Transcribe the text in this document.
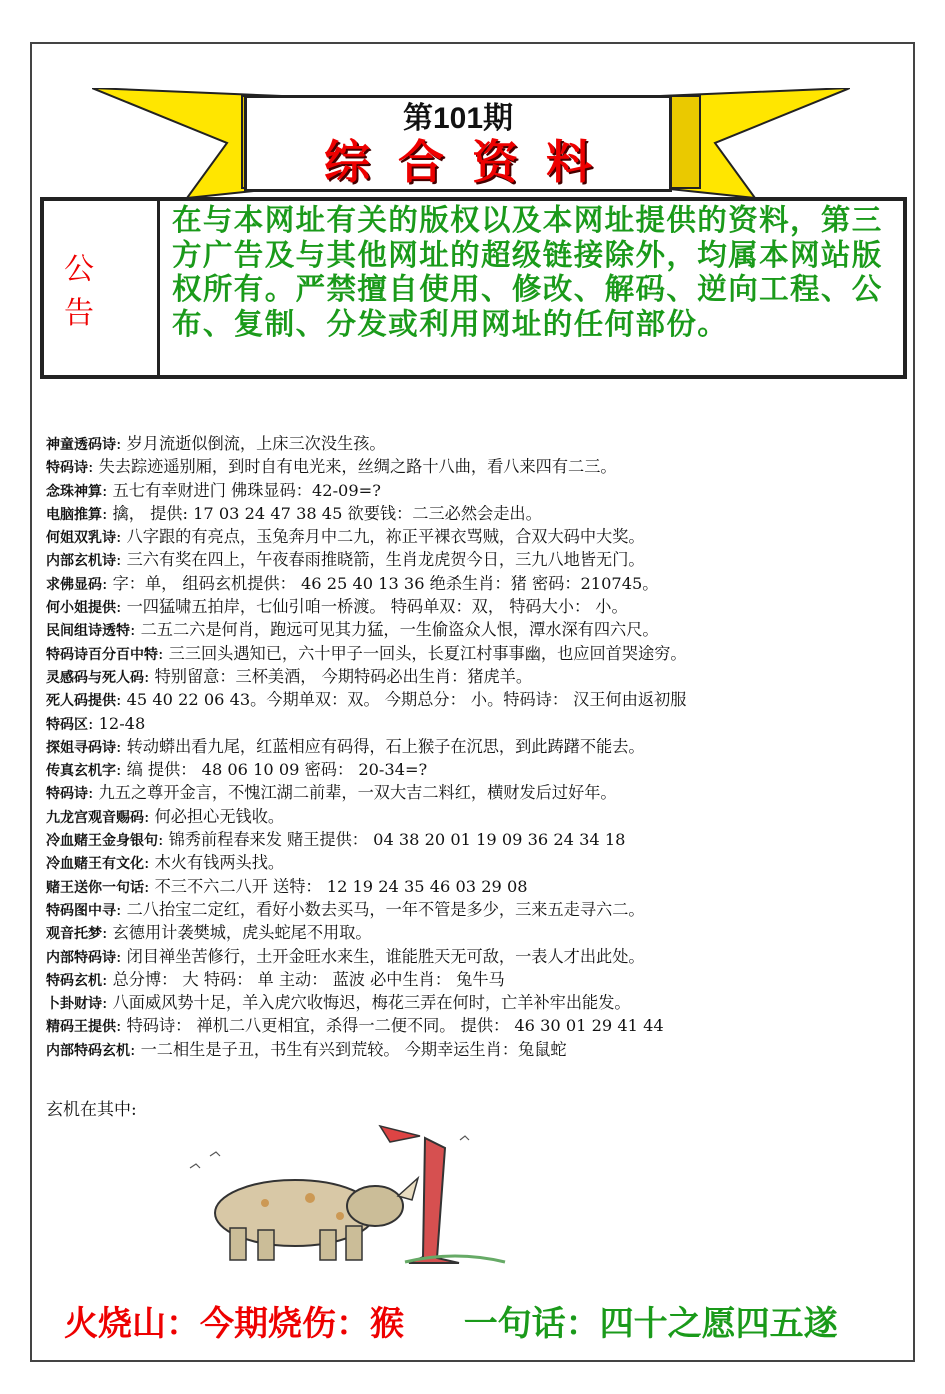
第101期
综合资料
公告
在与本网址有关的版权以及本网址提供的资料，第三方广告及与其他网址的超级链接除外，均属本网站版权所有。严禁擅自使用、修改、解码、逆向工程、公布、复制、分发或利用网址的任何部份。
神童透码诗: 岁月流逝似倒流，上床三次没生孩。
特码诗: 失去踪迹遥别厢，到时自有电光来，丝绸之路十八曲，看八来四有二三。
念珠神算: 五七有幸财进门 佛珠显码：42-09=?
电脑推算: 擒， 提供: 17 03 24 47 38 45 欲要钱：二三必然会走出。
何姐双乳诗: 八字跟的有亮点，玉兔奔月中二九，祢正平裸衣骂贼，合双大码中大奖。
内部玄机诗: 三六有奖在四上，午夜春雨推晓箭，生肖龙虎贺今日，三九八地皆无门。
求佛显码: 字：单， 组码玄机提供： 46 25 40 13 36 绝杀生肖：猪 密码：210745。
何小姐提供: 一四猛啸五拍岸，七仙引咱一桥渡。 特码单双：双， 特码大小： 小。
民间组诗透特: 二五二六是何肖，跑远可见其力猛，一生偷盗众人恨，潭水深有四六尺。
特码诗百分百中特: 三三回头遇知已，六十甲子一回头，长夏江村事事幽，也应回首哭途穷。
灵感码与死人码: 特别留意：三杯美酒， 今期特码必出生肖：猪虎羊。
死人码提供: 45 40 22 06 43。今期单双：双。 今期总分： 小。特码诗： 汉王何由返初服
特码区: 12-48
探姐寻码诗: 转动蟒出看九尾，红蓝相应有码得，石上猴子在沉思，到此踌躇不能去。
传真玄机字: 缟 提供： 48 06 10 09 密码： 20-34=?
特码诗: 九五之尊开金言，不愧江湖二前辈，一双大吉二料红，横财发后过好年。
九龙宫观音赐码: 何必担心无钱收。
冷血赌王金身银句: 锦秀前程春来发 赌王提供： 04 38 20 01 19 09 36 24 34 18
冷血赌王有文化: 木火有钱两头找。
赌王送你一句话: 不三不六二八开 送特： 12 19 24 35 46 03 29 08
特码图中寻: 二八抬宝二定红，看好小数去买马，一年不管是多少，三来五走寻六二。
观音托梦: 玄德用计袭樊城，虎头蛇尾不用取。
内部特码诗: 闭目禅坐苦修行，土开金旺水来生，谁能胜天无可敌，一表人才出此处。
特码玄机: 总分博： 大 特码： 单 主动： 蓝波 必中生肖： 兔牛马
卜卦财诗: 八面威风势十足，羊入虎穴收悔迟，梅花三弄在何时，亡羊补牢出能发。
精码王提供: 特码诗： 禅机二八更相宜，杀得一二便不同。 提供： 46 30 01 29 41 44
内部特码玄机: 一二相生是子丑，书生有兴到荒较。 今期幸运生肖：兔鼠蛇
玄机在其中:
火烧山：今期烧伤：猴 一句话：四十之愿四五遂
